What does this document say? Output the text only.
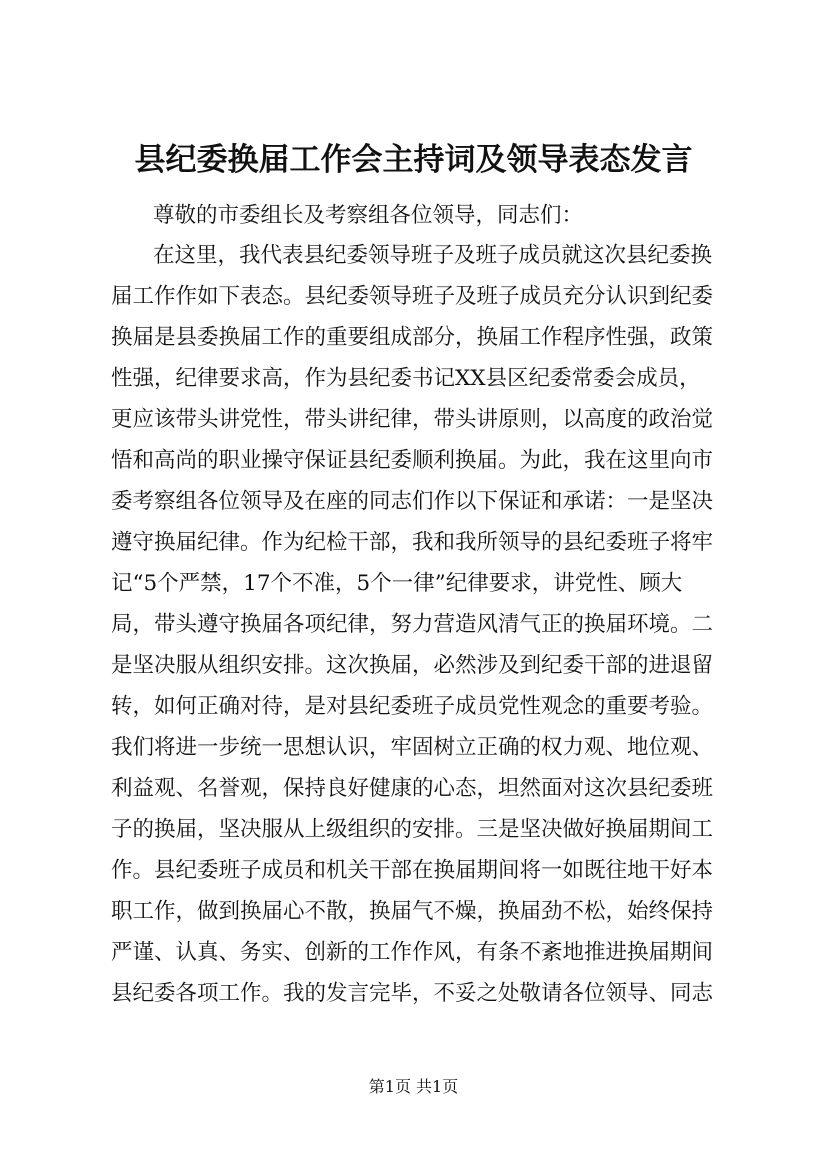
县纪委换届工作会主持词及领导表态发言
尊敬的市委组长及考察组各位领导，同志们：
在这里，我代表县纪委领导班子及班子成员就这次县纪委换
届工作作如下表态。县纪委领导班子及班子成员充分认识到纪委
换届是县委换届工作的重要组成部分，换届工作程序性强，政策
性强，纪律要求高，作为县纪委书记XX县区纪委常委会成员，
更应该带头讲党性，带头讲纪律，带头讲原则，以高度的政治觉
悟和高尚的职业操守保证县纪委顺利换届。为此，我在这里向市
委考察组各位领导及在座的同志们作以下保证和承诺：一是坚决
遵守换届纪律。作为纪检干部，我和我所领导的县纪委班子将牢
记“5个严禁，17个不准，5个一律”纪律要求，讲党性、顾大
局，带头遵守换届各项纪律，努力营造风清气正的换届环境。二
是坚决服从组织安排。这次换届，必然涉及到纪委干部的进退留
转，如何正确对待，是对县纪委班子成员党性观念的重要考验。
我们将进一步统一思想认识，牢固树立正确的权力观、地位观、
利益观、名誉观，保持良好健康的心态，坦然面对这次县纪委班
子的换届，坚决服从上级组织的安排。三是坚决做好换届期间工
作。县纪委班子成员和机关干部在换届期间将一如既往地干好本
职工作，做到换届心不散，换届气不燥，换届劲不松，始终保持
严谨、认真、务实、创新的工作作风，有条不紊地推进换届期间
县纪委各项工作。我的发言完毕，不妥之处敬请各位领导、同志
第1页 共1页
